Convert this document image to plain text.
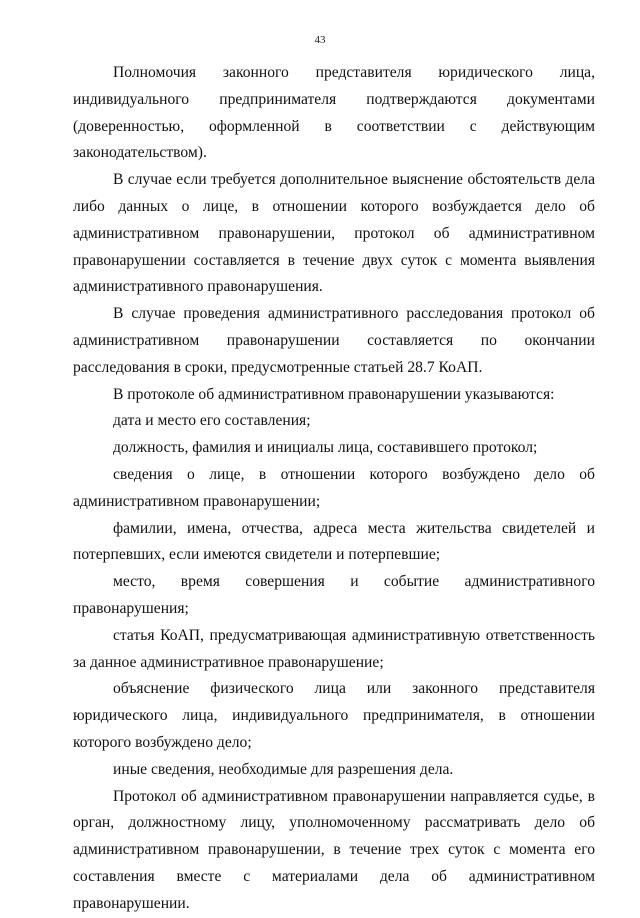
43

Полномочия законного представителя юридического лица, индивидуального предпринимателя подтверждаются документами (доверенностью, оформленной в соответствии с действующим законодательством).

В случае если требуется дополнительное выяснение обстоятельств дела либо данных о лице, в отношении которого возбуждается дело об административном правонарушении, протокол об административном правонарушении составляется в течение двух суток с момента выявления административного правонарушения.

В случае проведения административного расследования протокол об административном правонарушении составляется по окончании расследования в сроки, предусмотренные статьей 28.7 КоАП.

В протоколе об административном правонарушении указываются:

дата и место его составления;

должность, фамилия и инициалы лица, составившего протокол;

сведения о лице, в отношении которого возбуждено дело об административном правонарушении;

фамилии, имена, отчества, адреса места жительства свидетелей и потерпевших, если имеются свидетели и потерпевшие;

место, время совершения и событие административного правонарушения;

статья КоАП, предусматривающая административную ответственность за данное административное правонарушение;

объяснение физического лица или законного представителя юридического лица, индивидуального предпринимателя, в отношении которого возбуждено дело;

иные сведения, необходимые для разрешения дела.

Протокол об административном правонарушении направляется судье, в орган, должностному лицу, уполномоченному рассматривать дело об административном правонарушении, в течение трех суток с момента его составления вместе с материалами дела об административном правонарушении.
